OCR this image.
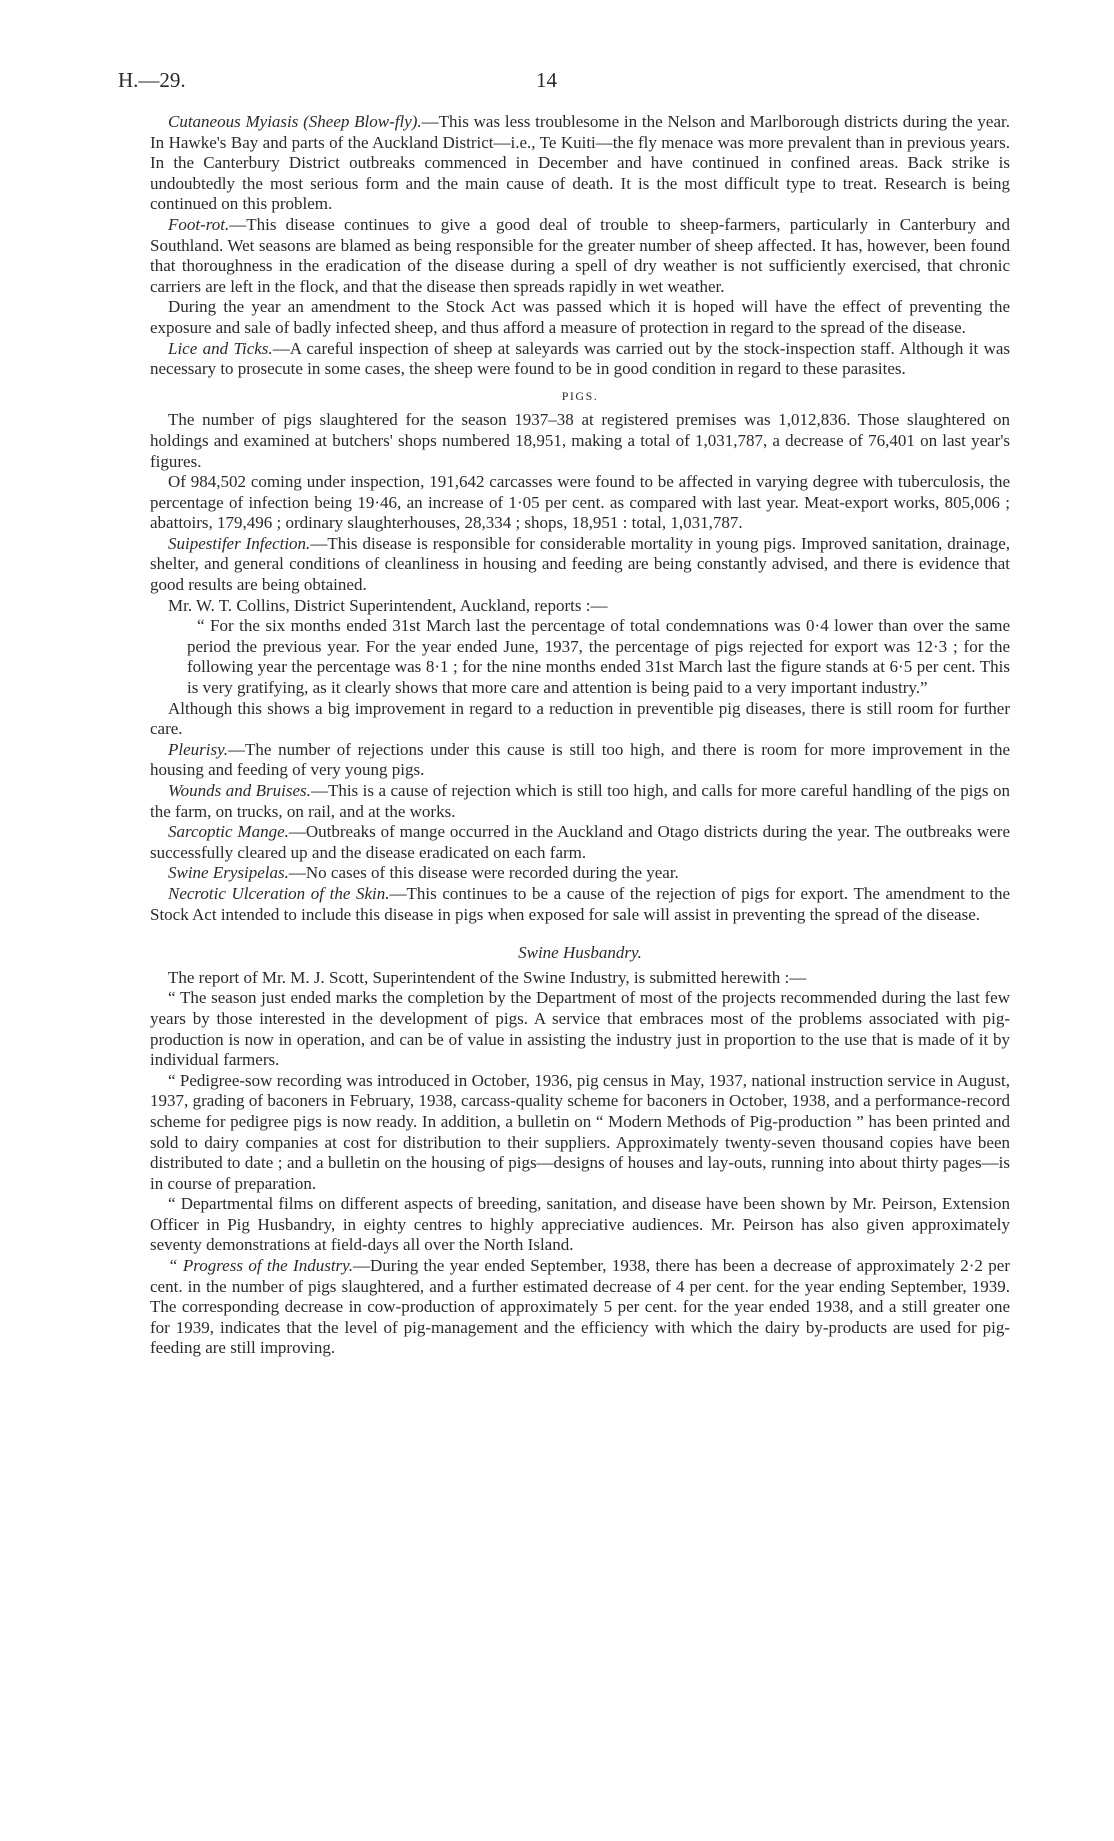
H.—29.	14

Cutaneous Myiasis (Sheep Blow-fly).—This was less troublesome in the Nelson and Marlborough districts during the year. In Hawke's Bay and parts of the Auckland District—i.e., Te Kuiti—the fly menace was more prevalent than in previous years. In the Canterbury District outbreaks commenced in December and have continued in confined areas. Back strike is undoubtedly the most serious form and the main cause of death. It is the most difficult type to treat. Research is being continued on this problem.

Foot-rot.—This disease continues to give a good deal of trouble to sheep-farmers, particularly in Canterbury and Southland. Wet seasons are blamed as being responsible for the greater number of sheep affected. It has, however, been found that thoroughness in the eradication of the disease during a spell of dry weather is not sufficiently exercised, that chronic carriers are left in the flock, and that the disease then spreads rapidly in wet weather.

During the year an amendment to the Stock Act was passed which it is hoped will have the effect of preventing the exposure and sale of badly infected sheep, and thus afford a measure of protection in regard to the spread of the disease.

Lice and Ticks.—A careful inspection of sheep at saleyards was carried out by the stock-inspection staff. Although it was necessary to prosecute in some cases, the sheep were found to be in good condition in regard to these parasites.

PIGS.

The number of pigs slaughtered for the season 1937–38 at registered premises was 1,012,836. Those slaughtered on holdings and examined at butchers' shops numbered 18,951, making a total of 1,031,787, a decrease of 76,401 on last year's figures.

Of 984,502 coming under inspection, 191,642 carcasses were found to be affected in varying degree with tuberculosis, the percentage of infection being 19·46, an increase of 1·05 per cent. as compared with last year. Meat-export works, 805,006 ; abattoirs, 179,496 ; ordinary slaughterhouses, 28,334 ; shops, 18,951 : total, 1,031,787.

Suipestifer Infection.—This disease is responsible for considerable mortality in young pigs. Improved sanitation, drainage, shelter, and general conditions of cleanliness in housing and feeding are being constantly advised, and there is evidence that good results are being obtained.

Mr. W. T. Collins, District Superintendent, Auckland, reports :—

“ For the six months ended 31st March last the percentage of total condemnations was 0·4 lower than over the same period the previous year. For the year ended June, 1937, the percentage of pigs rejected for export was 12·3 ; for the following year the percentage was 8·1 ; for the nine months ended 31st March last the figure stands at 6·5 per cent. This is very gratifying, as it clearly shows that more care and attention is being paid to a very important industry.”

Although this shows a big improvement in regard to a reduction in preventible pig diseases, there is still room for further care.

Pleurisy.—The number of rejections under this cause is still too high, and there is room for more improvement in the housing and feeding of very young pigs.

Wounds and Bruises.—This is a cause of rejection which is still too high, and calls for more careful handling of the pigs on the farm, on trucks, on rail, and at the works.

Sarcoptic Mange.—Outbreaks of mange occurred in the Auckland and Otago districts during the year. The outbreaks were successfully cleared up and the disease eradicated on each farm.

Swine Erysipelas.—No cases of this disease were recorded during the year.

Necrotic Ulceration of the Skin.—This continues to be a cause of the rejection of pigs for export. The amendment to the Stock Act intended to include this disease in pigs when exposed for sale will assist in preventing the spread of the disease.

Swine Husbandry.

The report of Mr. M. J. Scott, Superintendent of the Swine Industry, is submitted herewith :—

“ The season just ended marks the completion by the Department of most of the projects recommended during the last few years by those interested in the development of pigs. A service that embraces most of the problems associated with pig-production is now in operation, and can be of value in assisting the industry just in proportion to the use that is made of it by individual farmers.

“ Pedigree-sow recording was introduced in October, 1936, pig census in May, 1937, national instruction service in August, 1937, grading of baconers in February, 1938, carcass-quality scheme for baconers in October, 1938, and a performance-record scheme for pedigree pigs is now ready. In addition, a bulletin on “ Modern Methods of Pig-production ” has been printed and sold to dairy companies at cost for distribution to their suppliers. Approximately twenty-seven thousand copies have been distributed to date ; and a bulletin on the housing of pigs—designs of houses and lay-outs, running into about thirty pages—is in course of preparation.

“ Departmental films on different aspects of breeding, sanitation, and disease have been shown by Mr. Peirson, Extension Officer in Pig Husbandry, in eighty centres to highly appreciative audiences. Mr. Peirson has also given approximately seventy demonstrations at field-days all over the North Island.

“ Progress of the Industry.—During the year ended September, 1938, there has been a decrease of approximately 2·2 per cent. in the number of pigs slaughtered, and a further estimated decrease of 4 per cent. for the year ending September, 1939. The corresponding decrease in cow-production of approximately 5 per cent. for the year ended 1938, and a still greater one for 1939, indicates that the level of pig-management and the efficiency with which the dairy by-products are used for pig-feeding are still improving.
